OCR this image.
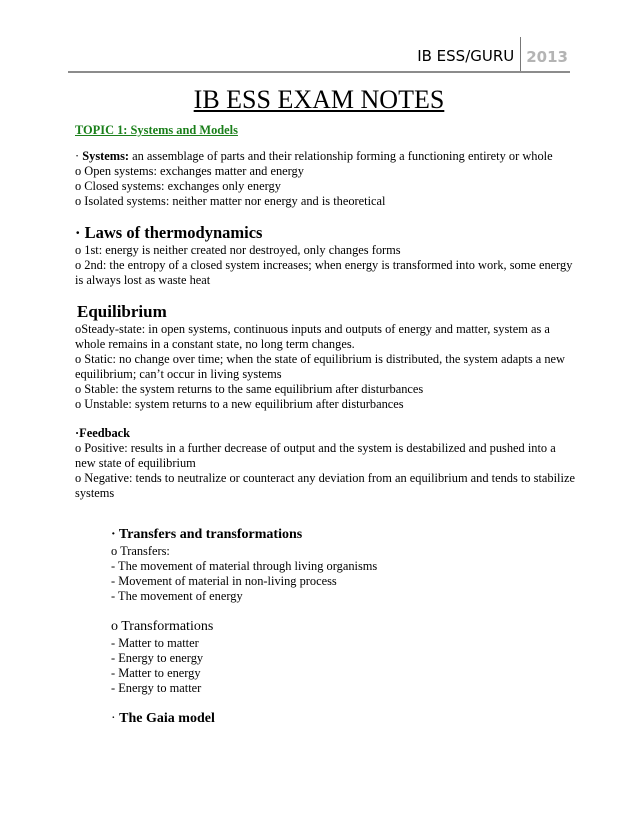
IB ESS/GURU 2013
IB ESS EXAM NOTES

TOPIC 1: Systems and Models

· Systems: an assemblage of parts and their relationship forming a functioning entirety or whole

o Open systems: exchanges matter and energy

o Closed systems: exchanges only energy

o Isolated systems: neither matter nor energy and is theoretical

· Laws of thermodynamics

o 1st: energy is neither created nor destroyed, only changes forms

o 2nd: the entropy of a closed system increases; when energy is transformed into work, some energy is always lost as waste heat

Equilibrium

oSteady-state: in open systems, continuous inputs and outputs of energy and matter, system as a whole remains in a constant state, no long term changes.

o Static: no change over time; when the state of equilibrium is distributed, the system adapts a new equilibrium; can’t occur in living systems

o Stable: the system returns to the same equilibrium after disturbances

o Unstable: system returns to a new equilibrium after disturbances

·Feedback

o Positive: results in a further decrease of output and the system is destabilized and pushed into a new state of equilibrium

o Negative: tends to neutralize or counteract any deviation from an equilibrium and tends to stabilize systems

· Transfers and transformations

o Transfers:

- The movement of material through living organisms

- Movement of material in non-living process

- The movement of energy

o Transformations

- Matter to matter

- Energy to energy

- Matter to energy

- Energy to matter

· The Gaia model
